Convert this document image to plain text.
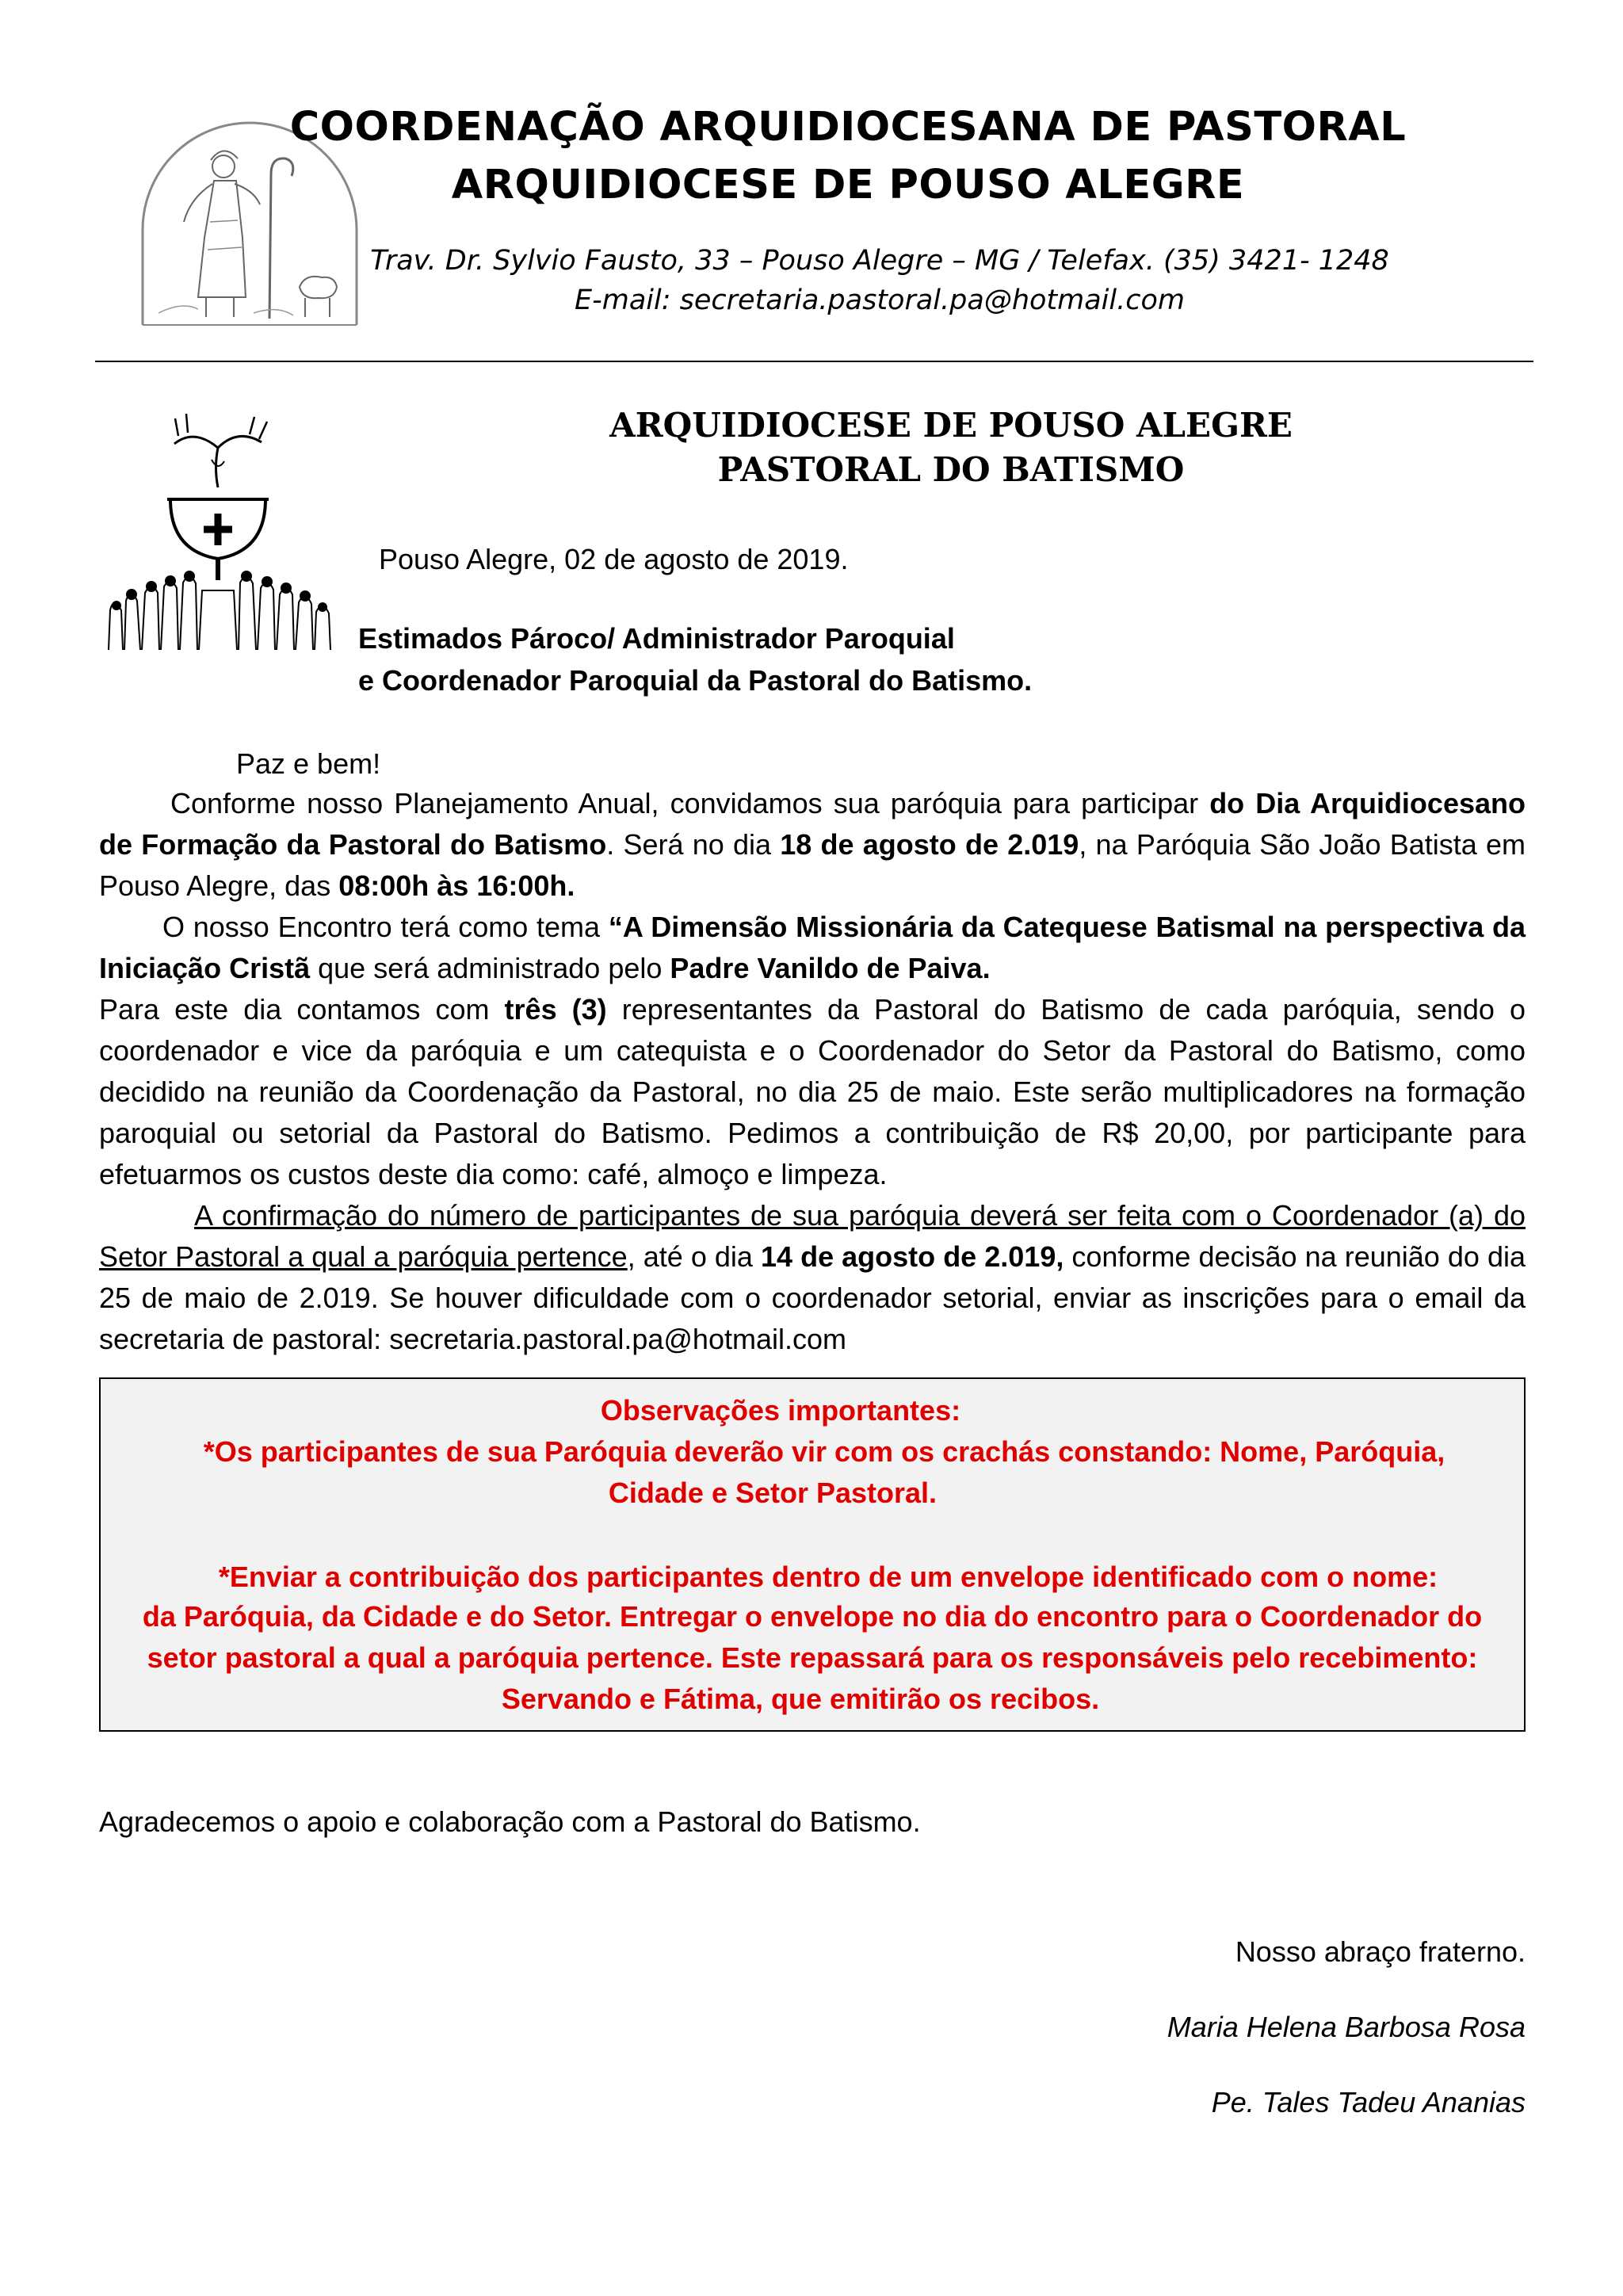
COORDENAÇÃO ARQUIDIOCESANA DE PASTORAL
ARQUIDIOCESE DE POUSO ALEGRE
Trav. Dr. Sylvio Fausto, 33 – Pouso Alegre – MG / Telefax. (35) 3421- 1248
E-mail: secretaria.pastoral.pa@hotmail.com
ARQUIDIOCESE DE POUSO ALEGRE
PASTORAL DO BATISMO
Pouso Alegre, 02 de agosto de 2019.
Estimados Pároco/ Administrador Paroquial
e Coordenador Paroquial da Pastoral do Batismo.
Paz e bem!
Conforme nosso Planejamento Anual, convidamos sua paróquia para participar do Dia Arquidiocesano de Formação da Pastoral do Batismo. Será no dia 18 de agosto de 2.019, na Paróquia São João Batista em Pouso Alegre, das 08:00h às 16:00h.
O nosso Encontro terá como tema “A Dimensão Missionária da Catequese Batismal na perspectiva da Iniciação Cristã que será administrado pelo Padre Vanildo de Paiva.
Para este dia contamos com três (3) representantes da Pastoral do Batismo de cada paróquia, sendo o coordenador e vice da paróquia e um catequista e o Coordenador do Setor da Pastoral do Batismo, como decidido na reunião da Coordenação da Pastoral, no dia 25 de maio. Este serão multiplicadores na formação paroquial ou setorial da Pastoral do Batismo. Pedimos a contribuição de R$ 20,00, por participante para efetuarmos os custos deste dia como: café, almoço e limpeza.
A confirmação do número de participantes de sua paróquia deverá ser feita com o Coordenador (a) do Setor Pastoral a qual a paróquia pertence, até o dia 14 de agosto de 2.019, conforme decisão na reunião do dia 25 de maio de 2.019. Se houver dificuldade com o coordenador setorial, enviar as inscrições para o email da secretaria de pastoral: secretaria.pastoral.pa@hotmail.com
Observações importantes:
*Os participantes de sua Paróquia deverão vir com os crachás constando: Nome, Paróquia,
Cidade e Setor Pastoral.
*Enviar a contribuição dos participantes dentro de um envelope identificado com o nome:
da Paróquia, da Cidade e do Setor. Entregar o envelope no dia do encontro para o Coordenador do
setor pastoral a qual a paróquia pertence. Este repassará para os responsáveis pelo recebimento:
Servando e Fátima, que emitirão os recibos.
Agradecemos o apoio e colaboração com a Pastoral do Batismo.
Nosso abraço fraterno.
Maria Helena Barbosa Rosa
Pe. Tales Tadeu Ananias
